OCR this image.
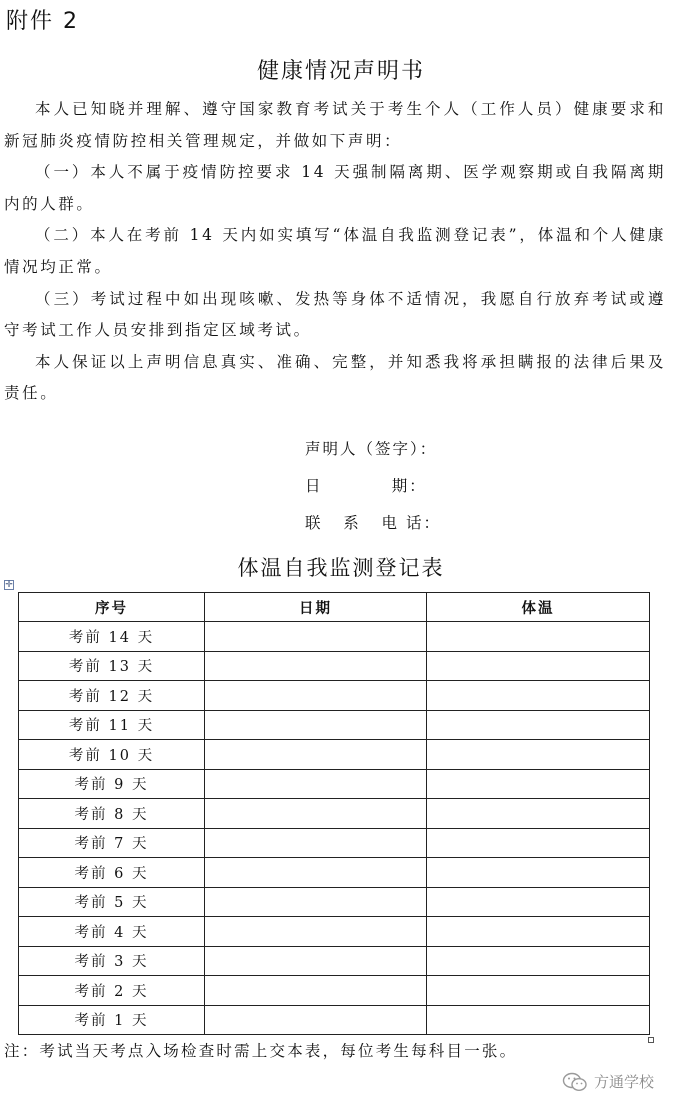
附件 2
健康情况声明书

本人已知晓并理解、遵守国家教育考试关于考生个人（工作人员）健康要求和新冠肺炎疫情防控相关管理规定，并做如下声明：

（一）本人不属于疫情防控要求 14 天强制隔离期、医学观察期或自我隔离期内的人群。

（二）本人在考前 14 天内如实填写“体温自我监测登记表”，体温和个人健康情况均正常。

（三）考试过程中如出现咳嗽、发热等身体不适情况，我愿自行放弃考试或遵守考试工作人员安排到指定区域考试。

本人保证以上声明信息真实、准确、完整，并知悉我将承担瞒报的法律后果及责任。

声明人（签字）：
日          期：
联   系   电 话：
体温自我监测登记表
✛
序号	日期	体温
考前 14 天		
考前 13 天		
考前 12 天		
考前 11 天		
考前 10 天		
考前 9 天		
考前 8 天		
考前 7 天		
考前 6 天		
考前 5 天		
考前 4 天		
考前 3 天		
考前 2 天		
考前 1 天		
注：考试当天考点入场检查时需上交本表，每位考生每科目一张。
方通学校
